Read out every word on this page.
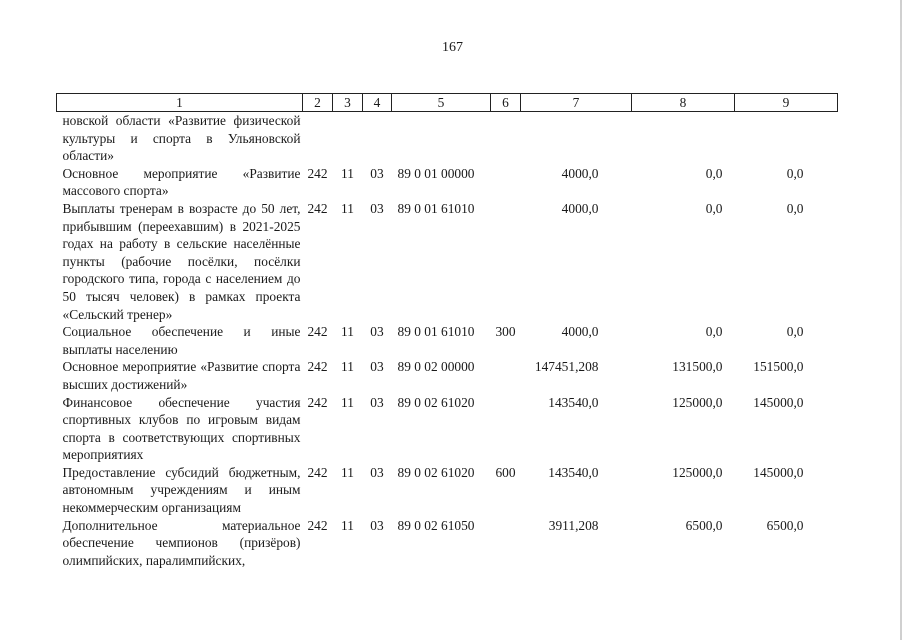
167
1	2	3	4	5	6	7	8	9
новской области «Развитие физической культуры и спорта в Ульяновской области»								
Основное мероприятие «Развитие массового спорта»	242	11	03	89 0 01 00000		4000,0	0,0	0,0
Выплаты тренерам в возрасте до 50 лет, прибывшим (переехавшим) в 2021-2025 годах на работу в сельские населённые пункты (рабочие посёлки, посёлки городского типа, города с населением до 50 тысяч человек) в рамках проекта «Сельский тренер»	242	11	03	89 0 01 61010		4000,0	0,0	0,0
Социальное обеспечение и иные выплаты населению	242	11	03	89 0 01 61010	300	4000,0	0,0	0,0
Основное мероприятие «Развитие спорта высших достижений»	242	11	03	89 0 02 00000		147451,208	131500,0	151500,0
Финансовое обеспечение участия спортивных клубов по игровым видам спорта в соответствующих спортивных мероприятиях	242	11	03	89 0 02 61020		143540,0	125000,0	145000,0
Предоставление субсидий бюджетным, автономным учреждениям и иным некоммерческим организациям	242	11	03	89 0 02 61020	600	143540,0	125000,0	145000,0
Дополнительное материальное обеспечение чемпионов (призёров) олимпийских, паралимпийских,	242	11	03	89 0 02 61050		3911,208	6500,0	6500,0
